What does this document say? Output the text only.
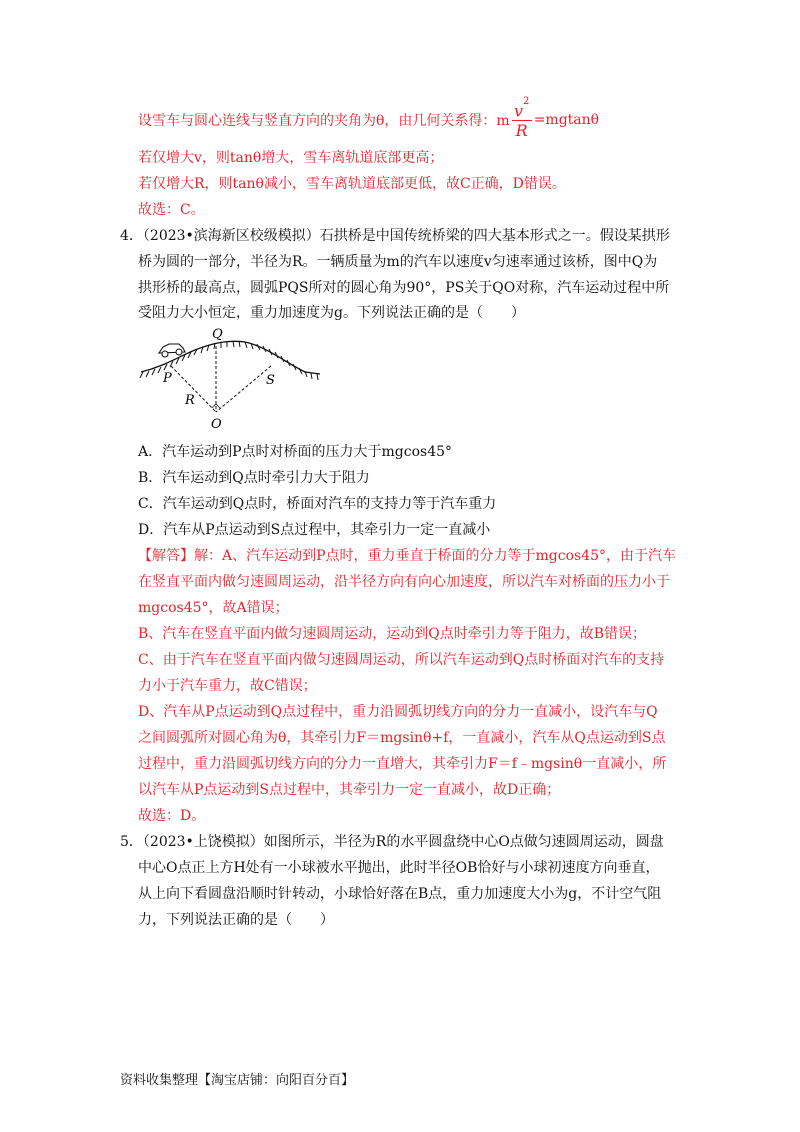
设雪车与圆心连线与竖直方向的夹角为θ，由几何关系得：m $\frac{v^2}{R} =mgtan\theta$
若仅增大v，则tanθ增大，雪车离轨道底部更高；
若仅增大R，则tanθ减小，雪车离轨道底部更低，故C正确，D错误。
故选：C。
4．（2023•滨海新区校级模拟）石拱桥是中国传统桥梁的四大基本形式之一。假设某拱形
桥为圆的一部分，半径为R。一辆质量为m的汽车以速度v匀速率通过该桥，图中Q为
拱形桥的最高点，圆弧PQS所对的圆心角为90°，PS关于QO对称，汽车运动过程中所
受阻力大小恒定，重力加速度为g。下列说法正确的是（　　）
Q
P	S
R
O
A．汽车运动到P点时对桥面的压力大于mgcos45°
B．汽车运动到Q点时牵引力大于阻力
C．汽车运动到Q点时，桥面对汽车的支持力等于汽车重力
D．汽车从P点运动到S点过程中，其牵引力一定一直减小
【解答】解：A、汽车运动到P点时，重力垂直于桥面的分力等于mgcos45°，由于汽车
在竖直平面内做匀速圆周运动，沿半径方向有向心加速度，所以汽车对桥面的压力小于
mgcos45°，故A错误；
B、汽车在竖直平面内做匀速圆周运动，运动到Q点时牵引力等于阻力，故B错误；
C、由于汽车在竖直平面内做匀速圆周运动，所以汽车运动到Q点时桥面对汽车的支持
力小于汽车重力，故C错误；
D、汽车从P点运动到Q点过程中，重力沿圆弧切线方向的分力一直减小，设汽车与Q
之间圆弧所对圆心角为θ，其牵引力F＝mgsinθ+f，一直减小，汽车从Q点运动到S点
过程中，重力沿圆弧切线方向的分力一直增大，其牵引力F＝f﹣mgsinθ一直减小，所
以汽车从P点运动到S点过程中，其牵引力一定一直减小，故D正确；
故选：D。
5．（2023•上饶模拟）如图所示，半径为R的水平圆盘绕中心O点做匀速圆周运动，圆盘
中心O点正上方H处有一小球被水平抛出，此时半径OB恰好与小球初速度方向垂直，
从上向下看圆盘沿顺时针转动，小球恰好落在B点，重力加速度大小为g，不计空气阻
力，下列说法正确的是（　　）
资料收集整理【淘宝店铺：向阳百分百】
